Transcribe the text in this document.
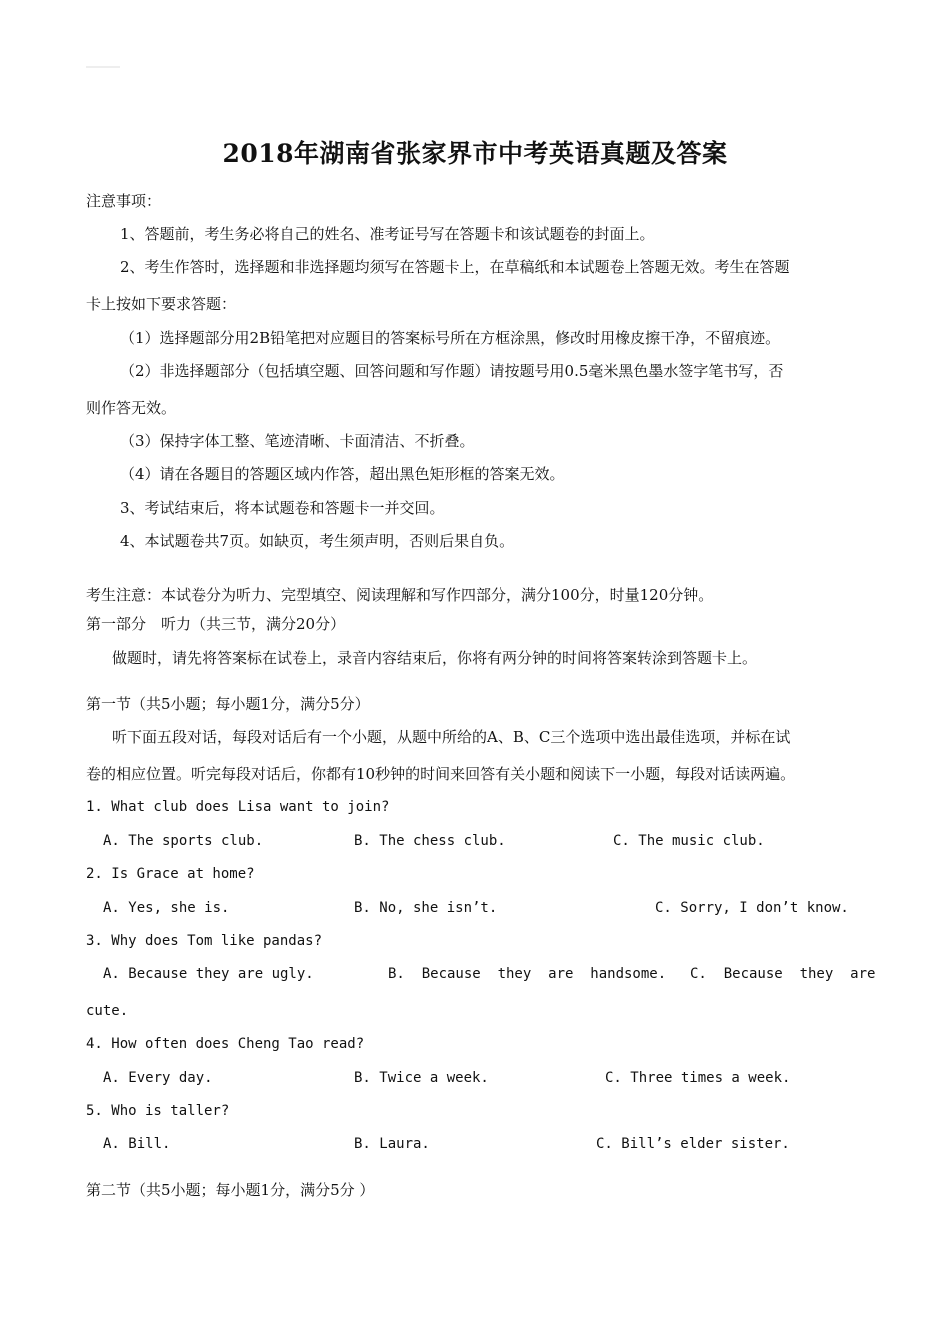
2018年湖南省张家界市中考英语真题及答案
注意事项：
1、答题前，考生务必将自己的姓名、准考证号写在答题卡和该试题卷的封面上。
2、考生作答时，选择题和非选择题均须写在答题卡上，在草稿纸和本试题卷上答题无效。考生在答题
卡上按如下要求答题：
（1）选择题部分用2B铅笔把对应题目的答案标号所在方框涂黑，修改时用橡皮擦干净，不留痕迹。
（2）非选择题部分（包括填空题、回答问题和写作题）请按题号用0.5毫米黑色墨水签字笔书写，否
则作答无效。
（3）保持字体工整、笔迹清晰、卡面清洁、不折叠。
（4）请在各题目的答题区域内作答，超出黑色矩形框的答案无效。
3、考试结束后，将本试题卷和答题卡一并交回。
4、本试题卷共7页。如缺页，考生须声明，否则后果自负。
考生注意：本试卷分为听力、完型填空、阅读理解和写作四部分，满分100分，时量120分钟。
第一部分　听力（共三节，满分20分）
做题时，请先将答案标在试卷上，录音内容结束后，你将有两分钟的时间将答案转涂到答题卡上。
第一节（共5小题；每小题1分，满分5分）
听下面五段对话，每段对话后有一个小题，从题中所给的A、B、C三个选项中选出最佳选项，并标在试
卷的相应位置。听完每段对话后，你都有10秒钟的时间来回答有关小题和阅读下一小题，每段对话读两遍。
1. What club does Lisa want to join?
A. The sports club.	B. The chess club.	C. The music club.
2. Is Grace at home?
A. Yes, she is.	B. No, she isn’t.	C. Sorry, I don’t know.
3. Why does Tom like pandas?
A. Because they are ugly.	B.  Because  they  are  handsome. C.  Because  they  are
cute.
4. How often does Cheng Tao read?
A. Every day.	B. Twice a week.	C. Three times a week.
5. Who is taller?
A. Bill.	B. Laura.	C. Bill’s elder sister.
第二节（共5小题；每小题1分，满分5分 ）
